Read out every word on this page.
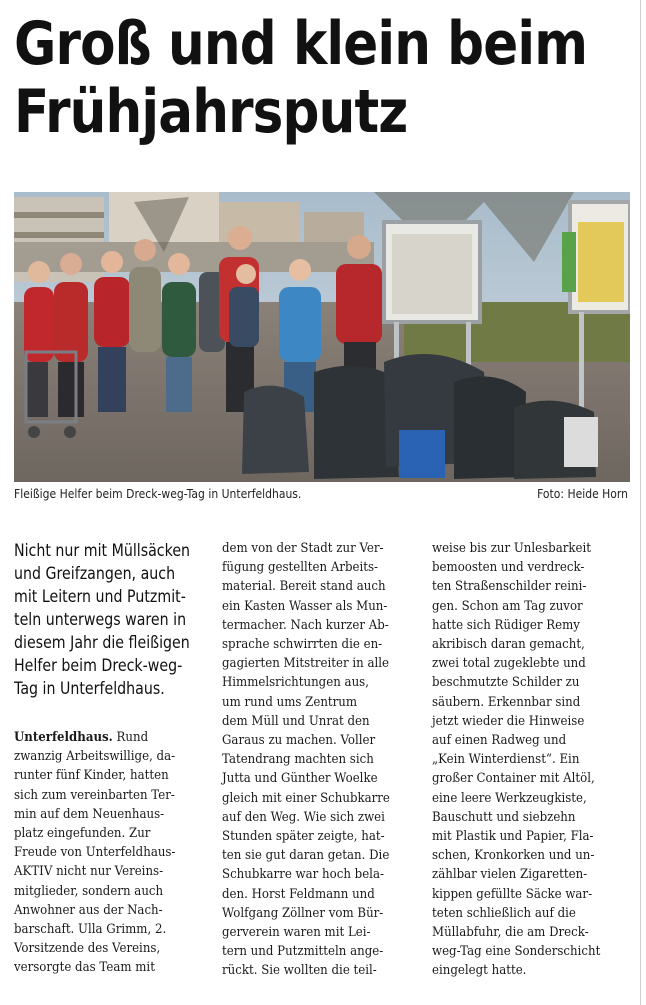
Groß und klein beim
Frühjahrsputz
Fleißige Helfer beim Dreck-weg-Tag in Unterfeldhaus.	Foto: Heide Horn

Nicht nur mit Müllsäcken
und Greifzangen, auch
mit Leitern und Putzmit-
teln unterwegs waren in
diesem Jahr die fleißigen
Helfer beim Dreck-weg-
Tag in Unterfeldhaus.

Unterfeldhaus. Rund
zwanzig Arbeitswillige, da-
runter fünf Kinder, hatten
sich zum vereinbarten Ter-
min auf dem Neuenhaus-
platz eingefunden. Zur
Freude von Unterfeldhaus-
AKTIV nicht nur Vereins-
mitglieder, sondern auch
Anwohner aus der Nach-
barschaft. Ulla Grimm, 2.
Vorsitzende des Vereins,
versorgte das Team mit

dem von der Stadt zur Ver-
fügung gestellten Arbeits-
material. Bereit stand auch
ein Kasten Wasser als Mun-
termacher. Nach kurzer Ab-
sprache schwirrten die en-
gagierten Mitstreiter in alle
Himmelsrichtungen aus,
um rund ums Zentrum
dem Müll und Unrat den
Garaus zu machen. Voller
Tatendrang machten sich
Jutta und Günther Woelke
gleich mit einer Schubkarre
auf den Weg. Wie sich zwei
Stunden später zeigte, hat-
ten sie gut daran getan. Die
Schubkarre war hoch bela-
den. Horst Feldmann und
Wolfgang Zöllner vom Bür-
gerverein waren mit Lei-
tern und Putzmitteln ange-
rückt. Sie wollten die teil-

weise bis zur Unlesbarkeit
bemoosten und verdreck-
ten Straßenschilder reini-
gen. Schon am Tag zuvor
hatte sich Rüdiger Remy
akribisch daran gemacht,
zwei total zugeklebte und
beschmutzte Schilder zu
säubern. Erkennbar sind
jetzt wieder die Hinweise
auf einen Radweg und
„Kein Winterdienst“. Ein
großer Container mit Altöl,
eine leere Werkzeugkiste,
Bauschutt und siebzehn
mit Plastik und Papier, Fla-
schen, Kronkorken und un-
zählbar vielen Zigaretten-
kippen gefüllte Säcke war-
teten schließlich auf die
Müllabfuhr, die am Dreck-
weg-Tag eine Sonderschicht
eingelegt hatte.
